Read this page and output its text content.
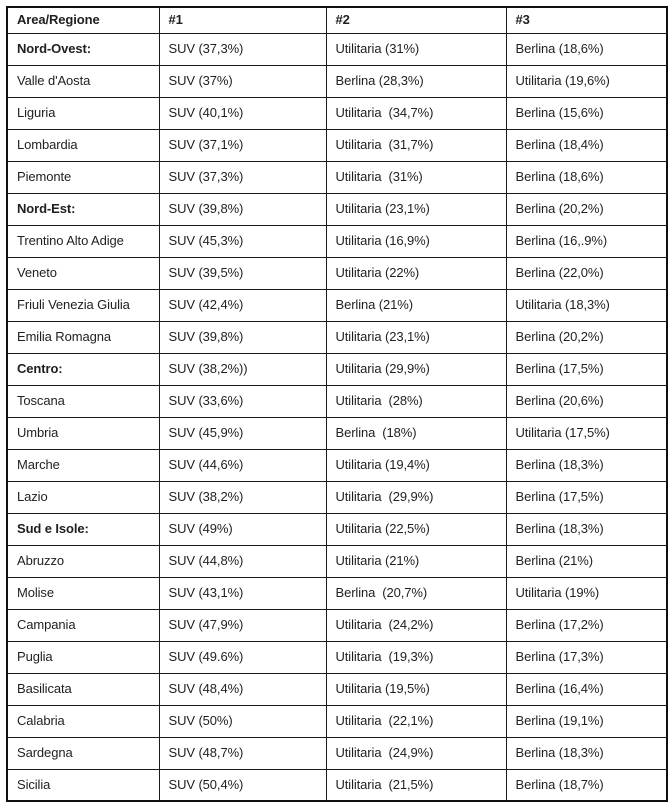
Area/Regione	#1	#2	#3
Nord-Ovest:	SUV (37,3%)	Utilitaria (31%)	Berlina (18,6%)
Valle d'Aosta	SUV (37%)	Berlina (28,3%)	Utilitaria (19,6%)
Liguria	SUV (40,1%)	Utilitaria  (34,7%)	Berlina (15,6%)
Lombardia	SUV (37,1%)	Utilitaria  (31,7%)	Berlina (18,4%)
Piemonte	SUV (37,3%)	Utilitaria  (31%)	Berlina (18,6%)
Nord-Est:	SUV (39,8%)	Utilitaria (23,1%)	Berlina (20,2%)
Trentino Alto Adige	SUV (45,3%)	Utilitaria (16,9%)	Berlina (16,.9%)
Veneto	SUV (39,5%)	Utilitaria (22%)	Berlina (22,0%)
Friuli Venezia Giulia	SUV (42,4%)	Berlina (21%)	Utilitaria (18,3%)
Emilia Romagna	SUV (39,8%)	Utilitaria (23,1%)	Berlina (20,2%)
Centro:	SUV (38,2%))	Utilitaria (29,9%)	Berlina (17,5%)
Toscana	SUV (33,6%)	Utilitaria  (28%)	Berlina (20,6%)
Umbria	SUV (45,9%)	Berlina  (18%)	Utilitaria (17,5%)
Marche	SUV (44,6%)	Utilitaria (19,4%)	Berlina (18,3%)
Lazio	SUV (38,2%)	Utilitaria  (29,9%)	Berlina (17,5%)
Sud e Isole:	SUV (49%)	Utilitaria (22,5%)	Berlina (18,3%)
Abruzzo	SUV (44,8%)	Utilitaria (21%)	Berlina (21%)
Molise	SUV (43,1%)	Berlina  (20,7%)	Utilitaria (19%)
Campania	SUV (47,9%)	Utilitaria  (24,2%)	Berlina (17,2%)
Puglia	SUV (49.6%)	Utilitaria  (19,3%)	Berlina (17,3%)
Basilicata	SUV (48,4%)	Utilitaria (19,5%)	Berlina (16,4%)
Calabria	SUV (50%)	Utilitaria  (22,1%)	Berlina (19,1%)
Sardegna	SUV (48,7%)	Utilitaria  (24,9%)	Berlina (18,3%)
Sicilia	SUV (50,4%)	Utilitaria  (21,5%)	Berlina (18,7%)
